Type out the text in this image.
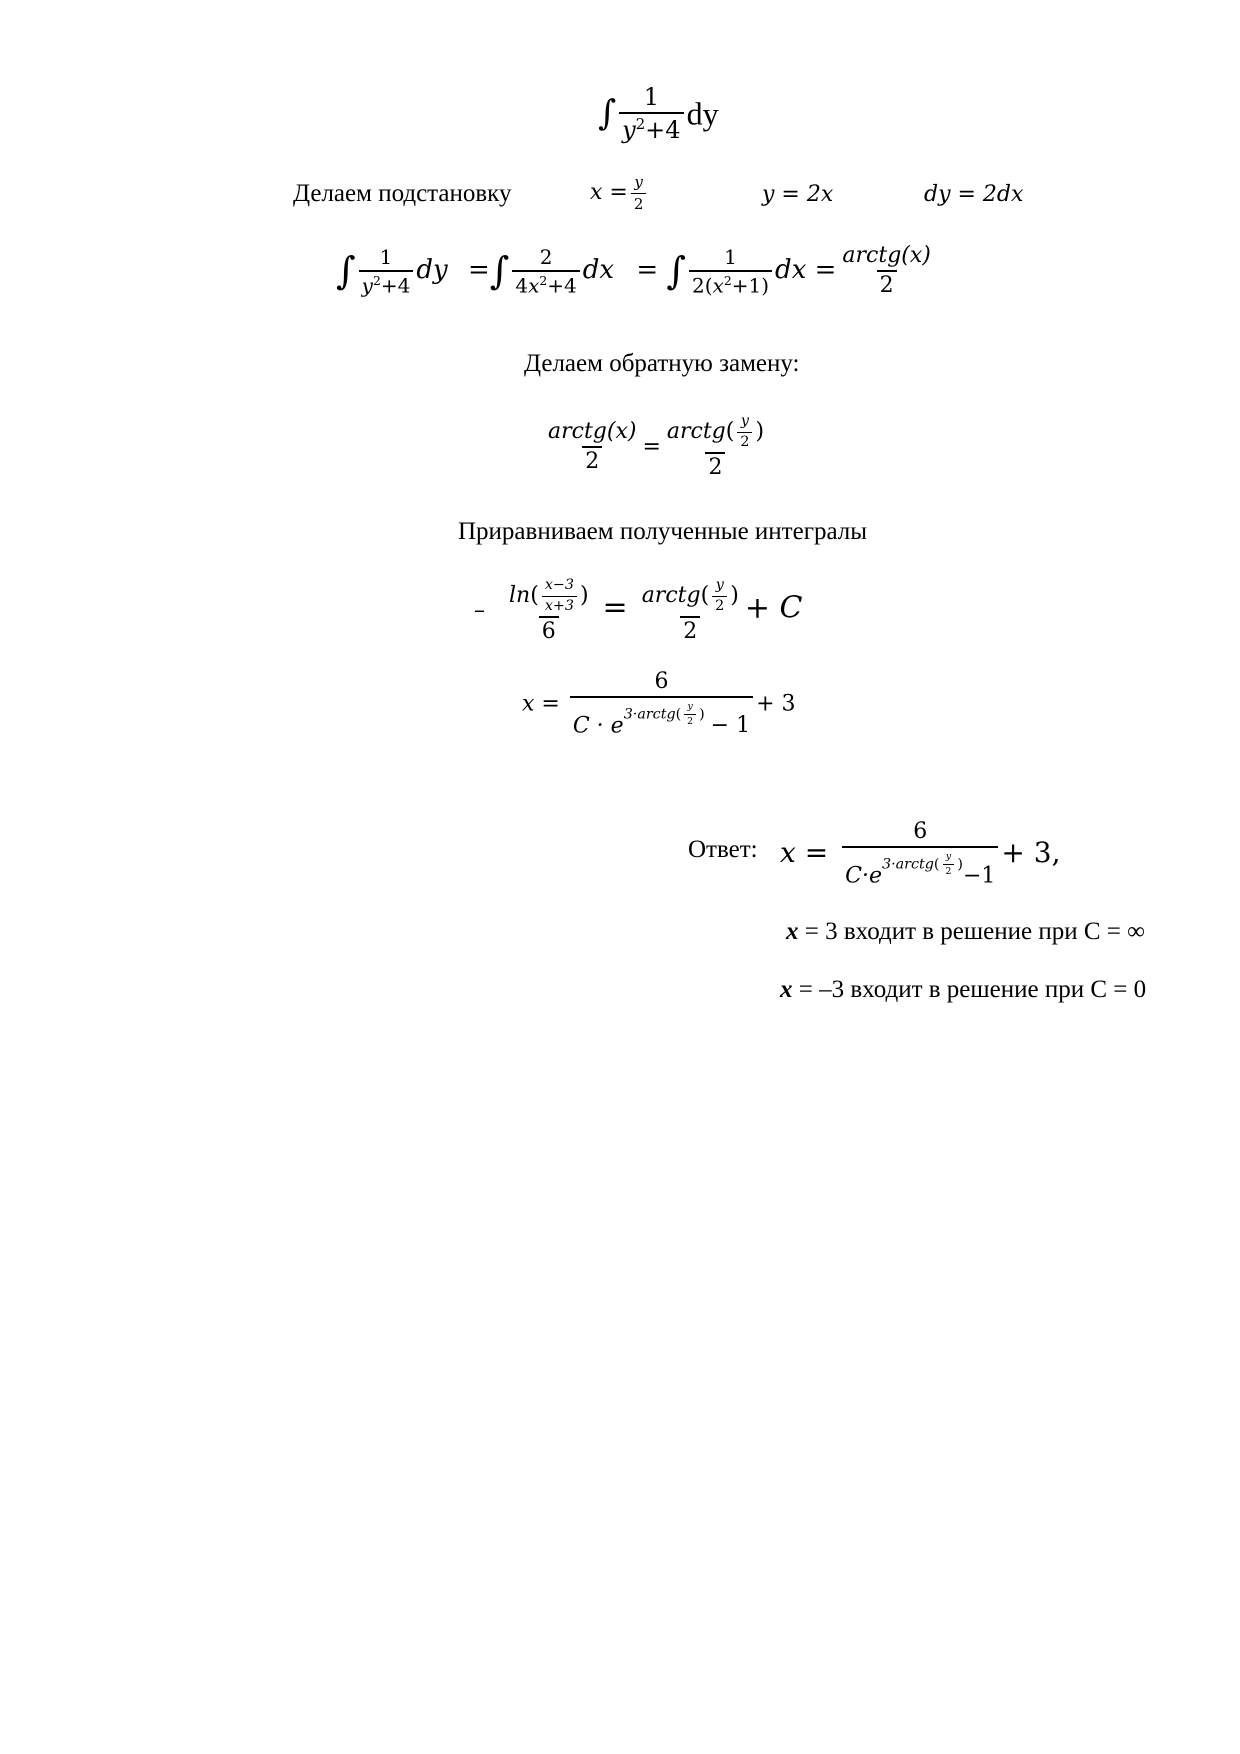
∫ $\frac{1}{y^2+4}$ dy
Делаем подстановку	$x = \frac{y}{2}$	y = 2x	dy = 2dx
∫ $\frac{1}{y^2+4}$ dy =∫ $\frac{2}{4x^2+4}$ dx = ∫ $\frac{1}{2(x^2+1)}$ dx = $\frac{\text{arctg(x)}}{2}$
Делаем обратную замену:
$\frac{\text{arctg(x)}}{2} = \frac{arctg( \frac{y}{2} )}{2}$
Приравниваем полученные интегралы
– $\frac{\ln( \frac{x-3}{x+3} )}{6} = \frac{arctg( \frac{y}{2} )}{2} + C$
$x = \frac{6}{C \cdot e3\cdot arctg( \frac{y}{2} ) - 1} + 3$
Ответ: $x = \frac{6}{C\cdot e3\cdot arctg( \frac{y}{2} )-1} + 3$,
x = 3 входит в решение при C = ∞
x = –3 входит в решение при C = 0
